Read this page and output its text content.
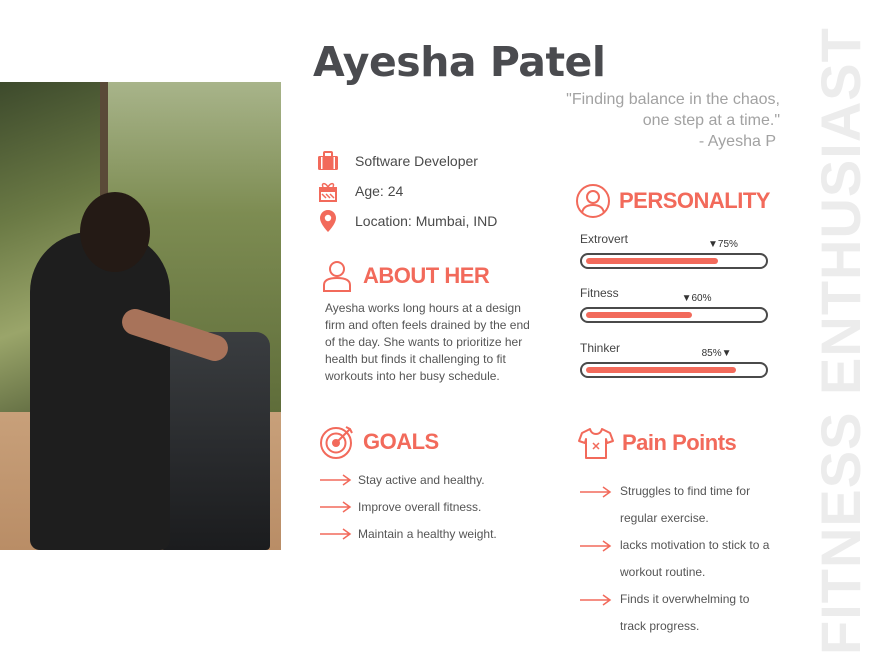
Ayesha Patel
"Finding balance in the chaos,
one step at a time."
- Ayesha P FITNESS ENTHUSIAST
Software Developer
Age: 24
Location: Mumbai, IND
ABOUT HER
Ayesha works long hours at a design firm and often feels drained by the end of the day. She wants to prioritize her health but finds it challenging to fit workouts into her busy schedule.
GOALS
Stay active and healthy.
Improve overall fitness.
Maintain a healthy weight.
PERSONALITY
Extrovert	▼75%
Fitness	▼60%
Thinker	85%▼
Pain Points
Struggles to find time for regular exercise.
lacks motivation to stick to a workout routine.
Finds it overwhelming to track progress.
